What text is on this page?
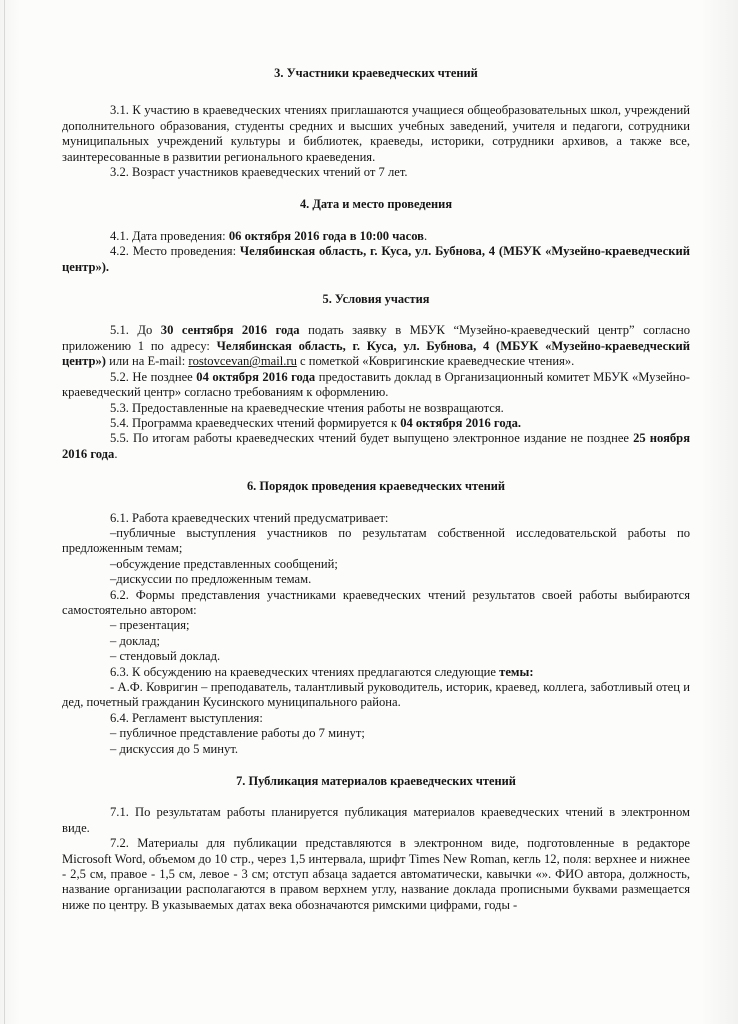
3. Участники краеведческих чтений

3.1. К участию в краеведческих чтениях приглашаются учащиеся общеобразовательных школ, учреждений дополнительного образования, студенты средних и высших учебных заведений, учителя и педагоги, сотрудники муниципальных учреждений культуры и библиотек, краеведы, историки, сотрудники архивов, а также все, заинтересованные в развитии регионального краеведения.

3.2. Возраст участников краеведческих чтений от 7 лет.

4. Дата и место проведения

4.1. Дата проведения: 06 октября 2016 года в 10:00 часов.

4.2. Место проведения: Челябинская область, г. Куса, ул. Бубнова, 4 (МБУК «Музейно-краеведческий центр»).

5. Условия участия

5.1. До 30 сентября 2016 года подать заявку в МБУК “Музейно-краеведческий центр” согласно приложению 1 по адресу: Челябинская область, г. Куса, ул. Бубнова, 4 (МБУК «Музейно-краеведческий центр») или на E-mail: rostovcevan@mail.ru с пометкой «Ковригинские краеведческие чтения».

5.2. Не позднее 04 октября 2016 года предоставить доклад в Организационный комитет МБУК «Музейно-краеведческий центр» согласно требованиям к оформлению.

5.3. Предоставленные на краеведческие чтения работы не возвращаются.

5.4. Программа краеведческих чтений формируется к 04 октября 2016 года.

5.5. По итогам работы краеведческих чтений будет выпущено электронное издание не позднее 25 ноября 2016 года.

6. Порядок проведения краеведческих чтений

6.1. Работа краеведческих чтений предусматривает:

–публичные выступления участников по результатам собственной исследовательской работы по предложенным темам;

–обсуждение представленных сообщений;

–дискуссии по предложенным темам.

6.2. Формы представления участниками краеведческих чтений результатов своей работы выбираются самостоятельно автором:

– презентация;

– доклад;

– стендовый доклад.

6.3. К обсуждению на краеведческих чтениях предлагаются следующие темы:

- А.Ф. Ковригин – преподаватель, талантливый руководитель, историк, краевед, коллега, заботливый отец и дед, почетный гражданин Кусинского муниципального района.

6.4. Регламент выступления:

– публичное представление работы до 7 минут;

– дискуссия до 5 минут.

7. Публикация материалов краеведческих чтений

7.1. По результатам работы планируется публикация материалов краеведческих чтений в электронном виде.

7.2. Материалы для публикации представляются в электронном виде, подготовленные в редакторе Microsoft Word, объемом до 10 стр., через 1,5 интервала, шрифт Times New Roman, кегль 12, поля: верхнее и нижнее - 2,5 см, правое - 1,5 см, левое - 3 см; отступ абзаца задается автоматически, кавычки «». ФИО автора, должность, название организации располагаются в правом верхнем углу, название доклада прописными буквами размещается ниже по центру. В указываемых датах века обозначаются римскими цифрами, годы -
